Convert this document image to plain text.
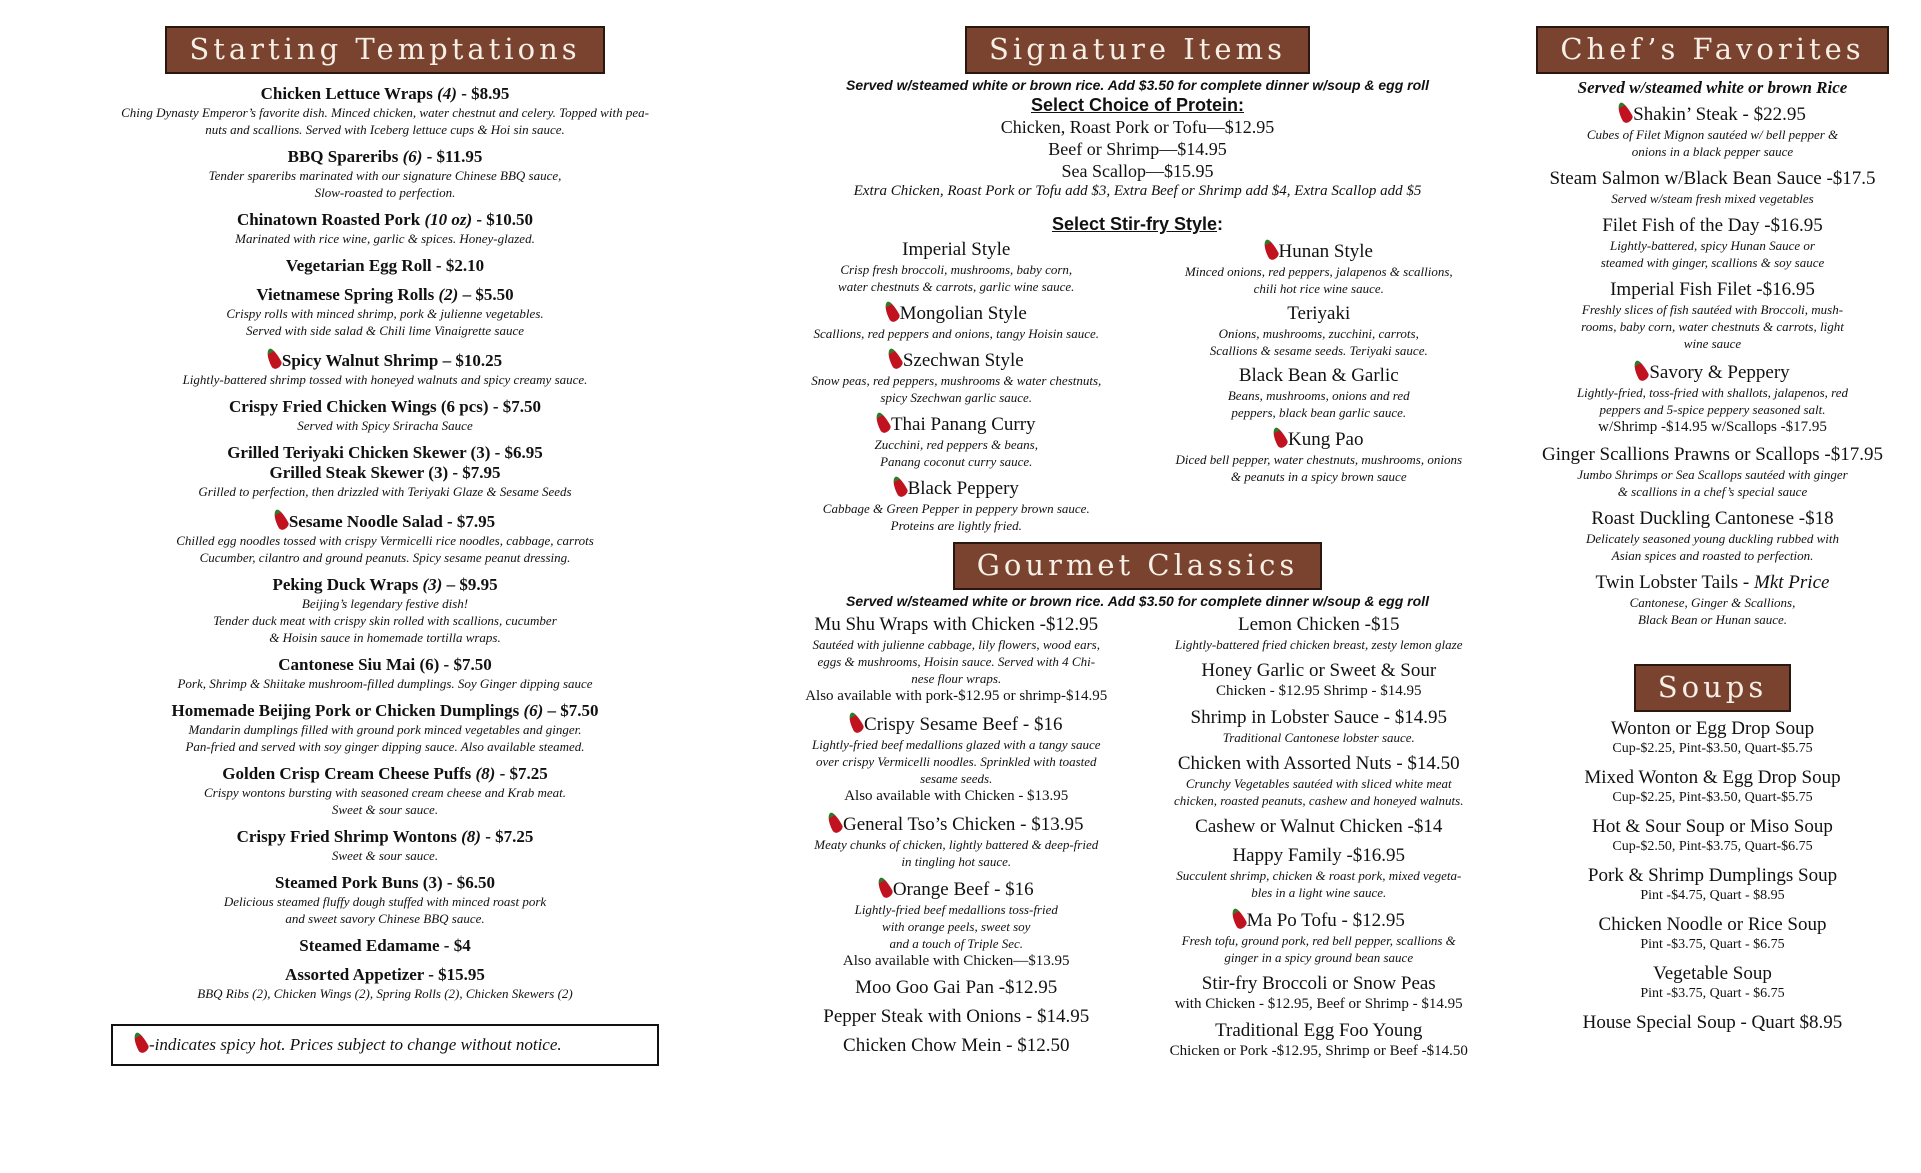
Starting Temptations
Chicken Lettuce Wraps (4) - $8.95
Ching Dynasty Emperor’s favorite dish. Minced chicken, water chestnut and celery. Topped with pea-
nuts and scallions. Served with Iceberg lettuce cups & Hoi sin sauce.
BBQ Spareribs (6) - $11.95
Tender spareribs marinated with our signature Chinese BBQ sauce,
Slow-roasted to perfection.
Chinatown Roasted Pork (10 oz) - $10.50
Marinated with rice wine, garlic & spices. Honey-glazed.
Vegetarian Egg Roll - $2.10
Vietnamese Spring Rolls (2) – $5.50
Crispy rolls with minced shrimp, pork & julienne vegetables.
Served with side salad & Chili lime Vinaigrette sauce
Spicy Walnut Shrimp – $10.25
Lightly-battered shrimp tossed with honeyed walnuts and spicy creamy sauce.
Crispy Fried Chicken Wings (6 pcs) - $7.50
Served with Spicy Sriracha Sauce
Grilled Teriyaki Chicken Skewer (3) - $6.95
Grilled Steak Skewer (3) - $7.95
Grilled to perfection, then drizzled with Teriyaki Glaze & Sesame Seeds
Sesame Noodle Salad - $7.95
Chilled egg noodles tossed with crispy Vermicelli rice noodles, cabbage, carrots
Cucumber, cilantro and ground peanuts. Spicy sesame peanut dressing.
Peking Duck Wraps (3) – $9.95
Beijing’s legendary festive dish!
Tender duck meat with crispy skin rolled with scallions, cucumber
& Hoisin sauce in homemade tortilla wraps.
Cantonese Siu Mai (6) - $7.50
Pork, Shrimp & Shiitake mushroom-filled dumplings. Soy Ginger dipping sauce
Homemade Beijing Pork or Chicken Dumplings (6) – $7.50
Mandarin dumplings filled with ground pork minced vegetables and ginger.
Pan-fried and served with soy ginger dipping sauce. Also available steamed.
Golden Crisp Cream Cheese Puffs (8) - $7.25
Crispy wontons bursting with seasoned cream cheese and Krab meat.
Sweet & sour sauce.
Crispy Fried Shrimp Wontons (8) - $7.25
Sweet & sour sauce.
Steamed Pork Buns (3) - $6.50
Delicious steamed fluffy dough stuffed with minced roast pork
and sweet savory Chinese BBQ sauce.
Steamed Edamame - $4
Assorted Appetizer - $15.95
BBQ Ribs (2), Chicken Wings (2), Spring Rolls (2), Chicken Skewers (2)
-indicates spicy hot. Prices subject to change without notice.
Signature Items
Served w/steamed white or brown rice. Add $3.50 for complete dinner w/soup & egg roll
Select Choice of Protein:
Chicken, Roast Pork or Tofu—$12.95
Beef or Shrimp—$14.95
Sea Scallop—$15.95
Extra Chicken, Roast Pork or Tofu add $3, Extra Beef or Shrimp add $4, Extra Scallop add $5
Select Stir-fry Style:
Imperial Style
Crisp fresh broccoli, mushrooms, baby corn,
water chestnuts & carrots, garlic wine sauce.
Mongolian Style
Scallions, red peppers and onions, tangy Hoisin sauce.
Szechwan Style
Snow peas, red peppers, mushrooms & water chestnuts,
spicy Szechwan garlic sauce.
Thai Panang Curry
Zucchini, red peppers & beans,
Panang coconut curry sauce.
Black Peppery
Cabbage & Green Pepper in peppery brown sauce.
Proteins are lightly fried.
Hunan Style
Minced onions, red peppers, jalapenos & scallions,
chili hot rice wine sauce.
Teriyaki
Onions, mushrooms, zucchini, carrots,
Scallions & sesame seeds. Teriyaki sauce.
Black Bean & Garlic
Beans, mushrooms, onions and red
peppers, black bean garlic sauce.
Kung Pao
Diced bell pepper, water chestnuts, mushrooms, onions
& peanuts in a spicy brown sauce
Gourmet Classics
Served w/steamed white or brown rice. Add $3.50 for complete dinner w/soup & egg roll
Mu Shu Wraps with Chicken -$12.95
Sautéed with julienne cabbage, lily flowers, wood ears,
eggs & mushrooms, Hoisin sauce. Served with 4 Chi-
nese flour wraps.
Also available with pork-$12.95 or shrimp-$14.95
Crispy Sesame Beef - $16
Lightly-fried beef medallions glazed with a tangy sauce
over crispy Vermicelli noodles. Sprinkled with toasted
sesame seeds.
Also available with Chicken - $13.95
General Tso’s Chicken - $13.95
Meaty chunks of chicken, lightly battered & deep-fried
in tingling hot sauce.
Orange Beef - $16
Lightly-fried beef medallions toss-fried
with orange peels, sweet soy
and a touch of Triple Sec.
Also available with Chicken—$13.95
Moo Goo Gai Pan -$12.95
Pepper Steak with Onions - $14.95
Chicken Chow Mein - $12.50
Lemon Chicken -$15
Lightly-battered fried chicken breast, zesty lemon glaze
Honey Garlic or Sweet & Sour
Chicken - $12.95 Shrimp - $14.95
Shrimp in Lobster Sauce - $14.95
Traditional Cantonese lobster sauce.
Chicken with Assorted Nuts - $14.50
Crunchy Vegetables sautéed with sliced white meat
chicken, roasted peanuts, cashew and honeyed walnuts.
Cashew or Walnut Chicken -$14
Happy Family -$16.95
Succulent shrimp, chicken & roast pork, mixed vegeta-
bles in a light wine sauce.
Ma Po Tofu - $12.95
Fresh tofu, ground pork, red bell pepper, scallions &
ginger in a spicy ground bean sauce
Stir-fry Broccoli or Snow Peas
with Chicken - $12.95, Beef or Shrimp - $14.95
Traditional Egg Foo Young
Chicken or Pork -$12.95, Shrimp or Beef -$14.50
Chef’s Favorites
Served w/steamed white or brown Rice
Shakin’ Steak - $22.95
Cubes of Filet Mignon sautéed w/ bell pepper &
onions in a black pepper sauce
Steam Salmon w/Black Bean Sauce -$17.5
Served w/steam fresh mixed vegetables
Filet Fish of the Day -$16.95
Lightly-battered, spicy Hunan Sauce or
steamed with ginger, scallions & soy sauce
Imperial Fish Filet -$16.95
Freshly slices of fish sautéed with Broccoli, mush-
rooms, baby corn, water chestnuts & carrots, light
wine sauce
Savory & Peppery
Lightly-fried, toss-fried with shallots, jalapenos, red
peppers and 5-spice peppery seasoned salt.
w/Shrimp -$14.95 w/Scallops -$17.95
Ginger Scallions Prawns or Scallops -$17.95
Jumbo Shrimps or Sea Scallops sautéed with ginger
& scallions in a chef’s special sauce
Roast Duckling Cantonese -$18
Delicately seasoned young duckling rubbed with
Asian spices and roasted to perfection.
Twin Lobster Tails - Mkt Price
Cantonese, Ginger & Scallions,
Black Bean or Hunan sauce.
Soups
Wonton or Egg Drop Soup
Cup-$2.25, Pint-$3.50, Quart-$5.75
Mixed Wonton & Egg Drop Soup
Cup-$2.25, Pint-$3.50, Quart-$5.75
Hot & Sour Soup or Miso Soup
Cup-$2.50, Pint-$3.75, Quart-$6.75
Pork & Shrimp Dumplings Soup
Pint -$4.75, Quart - $8.95
Chicken Noodle or Rice Soup
Pint -$3.75, Quart - $6.75
Vegetable Soup
Pint -$3.75, Quart - $6.75
House Special Soup - Quart $8.95
